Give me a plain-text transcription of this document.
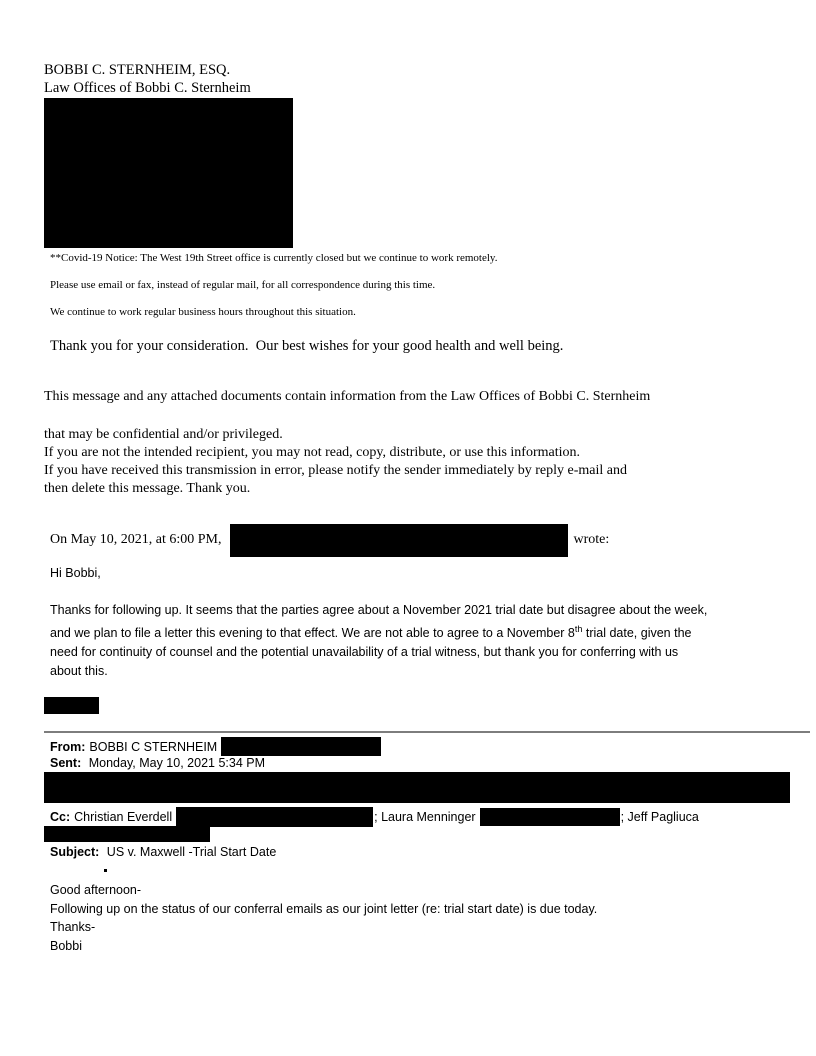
BOBBI C. STERNHEIM, ESQ.
Law Offices of Bobbi C. Sternheim
**Covid-19 Notice: The West 19th Street office is currently closed but we continue to work remotely.
Please use email or fax, instead of regular mail, for all correspondence during this time.
We continue to work regular business hours throughout this situation.
Thank you for your consideration.  Our best wishes for your good health and well being.
This message and any attached documents contain information from the Law Offices of Bobbi C. Sternheim
that may be confidential and/or privileged.
If you are not the intended recipient, you may not read, copy, distribute, or use this information.
If you have received this transmission in error, please notify the sender immediately by reply e-mail and
then delete this message. Thank you.
On May 10, 2021, at 6:00 PM,	wrote:
Hi Bobbi,
Thanks for following up. It seems that the parties agree about a November 2021 trial date but disagree about the week,
and we plan to file a letter this evening to that effect. We are not able to agree to a November 8th trial date, given the
need for continuity of counsel and the potential unavailability of a trial witness, but thank you for conferring with us
about this.
From: BOBBI C STERNHEIM
Sent: Monday, May 10, 2021 5:34 PM
Cc: Christian Everdell	; Laura Menninger	; Jeff Pagliuca
Subject: US v. Maxwell -Trial Start Date
Good afternoon-
Following up on the status of our conferral emails as our joint letter (re: trial start date) is due today.
Thanks-
Bobbi
